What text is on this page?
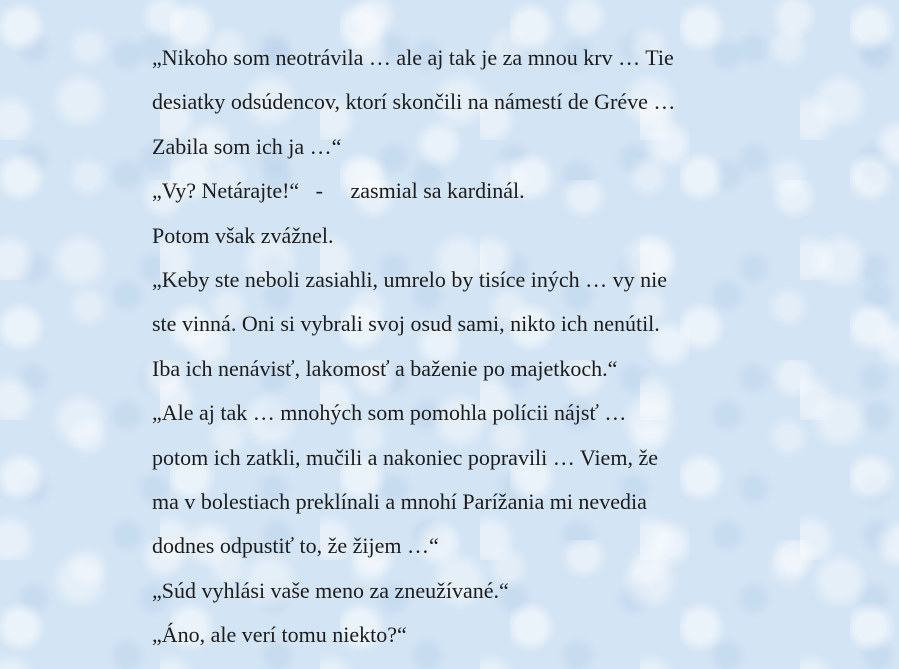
„Nikoho som neotrávila … ale aj tak je za mnou krv … Tie

desiatky odsúdencov, ktorí skončili na námestí de Gréve …

Zabila som ich ja …“

„Vy? Netárajte!“   -     zasmial sa kardinál.

Potom však zvážnel.

„Keby ste neboli zasiahli, umrelo by tisíce iných … vy nie

ste vinná. Oni si vybrali svoj osud sami, nikto ich nenútil.

Iba ich nenávisť, lakomosť a baženie po majetkoch.“

„Ale aj tak … mnohých som pomohla polícii nájsť …

potom ich zatkli, mučili a nakoniec popravili … Viem, že

ma v bolestiach preklínali a mnohí Parížania mi nevedia

dodnes odpustiť to, že žijem …“

„Súd vyhlási vaše meno za zneužívané.“

„Áno, ale verí tomu niekto?“
